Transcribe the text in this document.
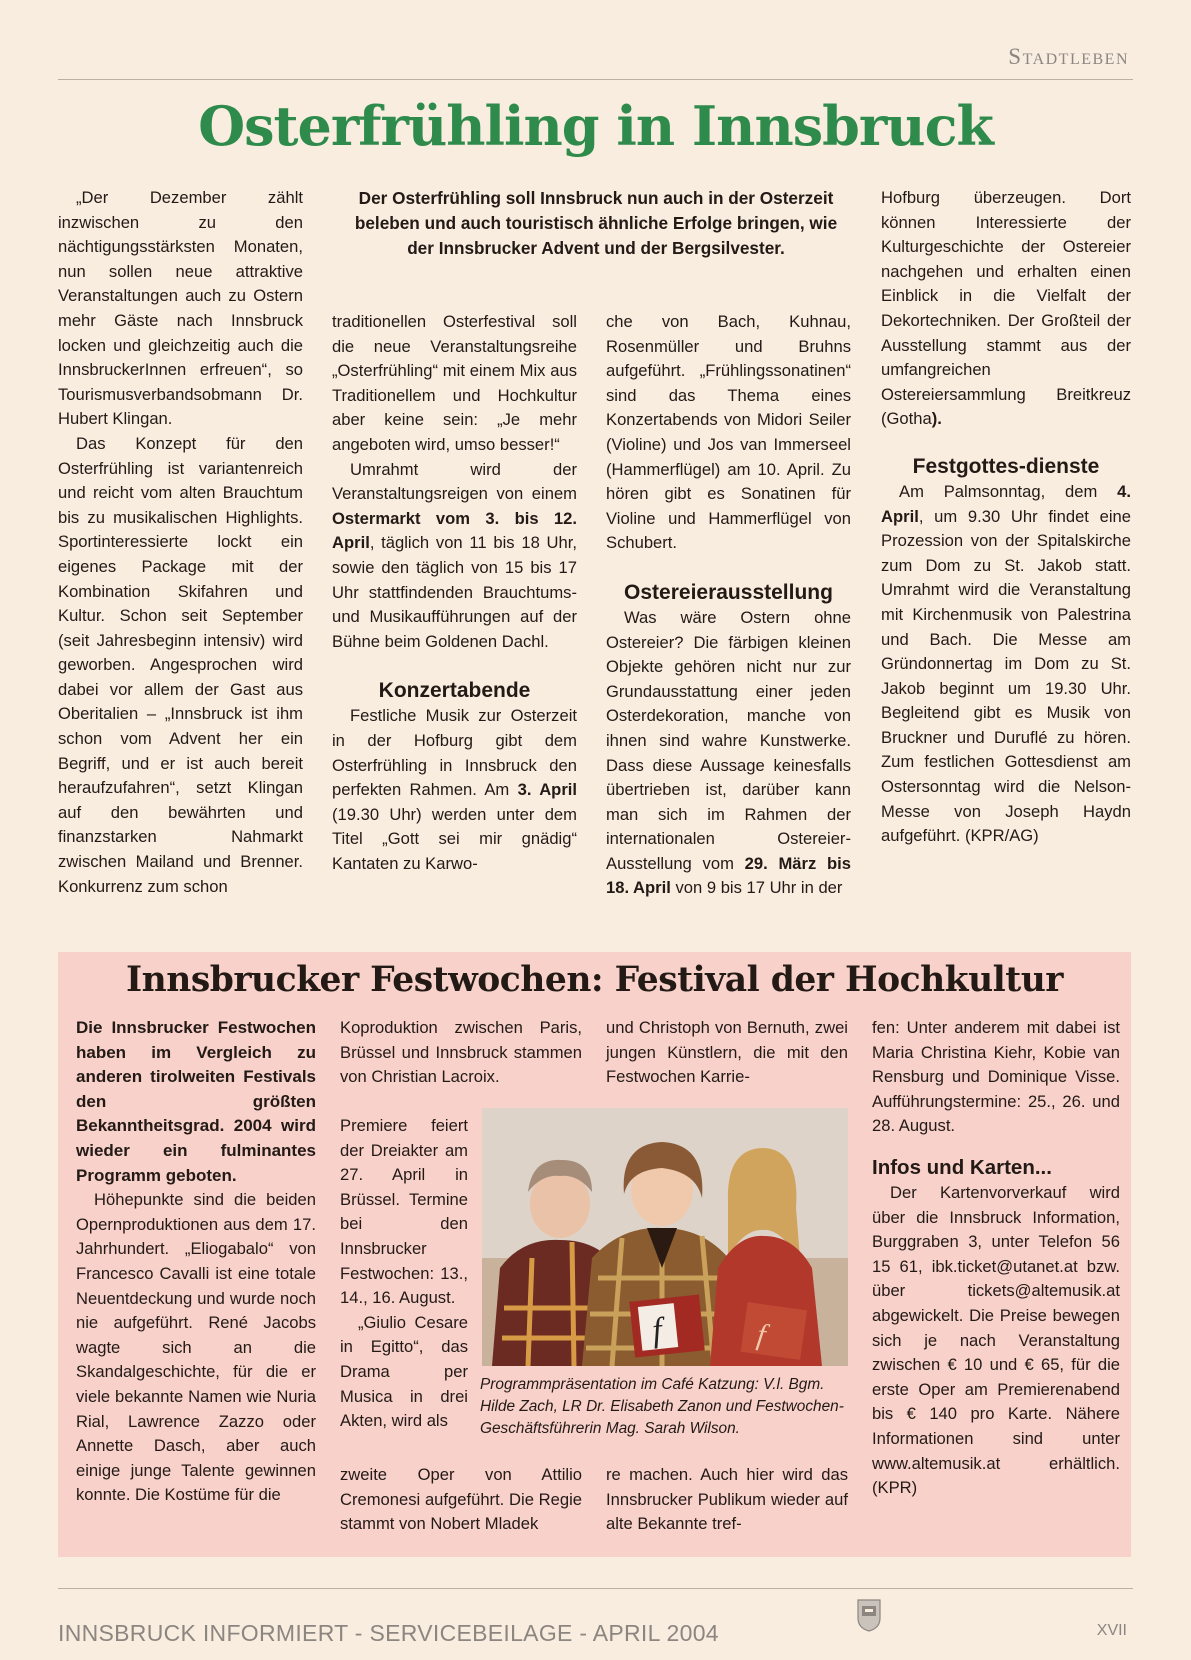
Stadtleben
Osterfrühling in Innsbruck

„Der Dezember zählt inzwischen zu den nächtigungsstärksten Monaten, nun sollen neue attraktive Veranstaltungen auch zu Ostern mehr Gäste nach Innsbruck locken und gleichzeitig auch die InnsbruckerInnen erfreuen“, so Tourismusverbandsobmann Dr. Hubert Klingan.

Das Konzept für den Osterfrühling ist variantenreich und reicht vom alten Brauchtum bis zu musikalischen Highlights. Sportinteressierte lockt ein eigenes Package mit der Kombination Skifahren und Kultur. Schon seit September (seit Jahresbeginn intensiv) wird geworben. Angesprochen wird dabei vor allem der Gast aus Oberitalien – „Innsbruck ist ihm schon vom Advent her ein Begriff, und er ist auch bereit heraufzufahren“, setzt Klingan auf den bewährten und finanzstarken Nahmarkt zwischen Mailand und Brenner. Konkurrenz zum schon

Der Osterfrühling soll Innsbruck nun auch in der Osterzeit beleben und auch touristisch ähnliche Erfolge bringen, wie der Innsbrucker Advent und der Bergsilvester.

traditionellen Osterfestival soll die neue Veranstaltungsreihe „Osterfrühling“ mit einem Mix aus Traditionellem und Hochkultur aber keine sein: „Je mehr angeboten wird, umso besser!“

Umrahmt wird der Veranstaltungsreigen von einem Ostermarkt vom 3. bis 12. April, täglich von 11 bis 18 Uhr, sowie den täglich von 15 bis 17 Uhr stattfindenden Brauchtums- und Musikaufführungen auf der Bühne beim Goldenen Dachl.

Konzertabende

Festliche Musik zur Osterzeit in der Hofburg gibt dem Osterfrühling in Innsbruck den perfekten Rahmen. Am 3. April (19.30 Uhr) werden unter dem Titel „Gott sei mir gnädig“ Kantaten zu Karwo-

che von Bach, Kuhnau, Rosenmüller und Bruhns aufgeführt. „Frühlingssonatinen“ sind das Thema eines Konzertabends von Midori Seiler (Violine) und Jos van Immerseel (Hammerflügel) am 10. April. Zu hören gibt es Sonatinen für Violine und Hammerflügel von Schubert.

Ostereierausstellung

Was wäre Ostern ohne Ostereier? Die färbigen kleinen Objekte gehören nicht nur zur Grundausstattung einer jeden Osterdekoration, manche von ihnen sind wahre Kunstwerke. Dass diese Aussage keinesfalls übertrieben ist, darüber kann man sich im Rahmen der internationalen Ostereier-Ausstellung vom 29. März bis 18. April von 9 bis 17 Uhr in der

Hofburg überzeugen. Dort können Interessierte der Kulturgeschichte der Ostereier nachgehen und erhalten einen Einblick in die Vielfalt der Dekortechniken. Der Großteil der Ausstellung stammt aus der umfangreichen Ostereiersammlung Breitkreuz (Gotha).

Festgottes-dienste

Am Palmsonntag, dem 4. April, um 9.30 Uhr findet eine Prozession von der Spitalskirche zum Dom zu St. Jakob statt. Umrahmt wird die Veranstaltung mit Kirchenmusik von Palestrina und Bach. Die Messe am Gründonnertag im Dom zu St. Jakob beginnt um 19.30 Uhr. Begleitend gibt es Musik von Bruckner und Duruflé zu hören. Zum festlichen Gottesdienst am Ostersonntag wird die Nelson-Messe von Joseph Haydn aufgeführt. (KPR/AG)

Innsbrucker Festwochen: Festival der Hochkultur

Die Innsbrucker Festwochen haben im Vergleich zu anderen tirolweiten Festivals den größten Bekanntheitsgrad. 2004 wird wieder ein fulminantes Programm geboten.

Höhepunkte sind die beiden Opernproduktionen aus dem 17. Jahrhundert. „Eliogabalo“ von Francesco Cavalli ist eine totale Neuentdeckung und wurde noch nie aufgeführt. René Jacobs wagte sich an die Skandalgeschichte, für die er viele bekannte Namen wie Nuria Rial, Lawrence Zazzo oder Annette Dasch, aber auch einige junge Talente gewinnen konnte. Die Kostüme für die

Koproduktion zwischen Paris, Brüssel und Innsbruck stammen von Christian Lacroix.

Premiere feiert der Dreiakter am 27. April in Brüssel. Termine bei den Innsbrucker Festwochen: 13., 14., 16. August.

„Giulio Cesare in Egitto“, das Drama per Musica in drei Akten, wird als

zweite Oper von Attilio Cremonesi aufgeführt. Die Regie stammt von Nobert Mladek

und Christoph von Bernuth, zwei jungen Künstlern, die mit den Festwochen Karrie-

re machen. Auch hier wird das Innsbrucker Publikum wieder auf alte Bekannte tref-

fen: Unter anderem mit dabei ist Maria Christina Kiehr, Kobie van Rensburg und Dominique Visse. Aufführungstermine: 25., 26. und 28. August.

Infos und Karten...

Der Kartenvorverkauf wird über die Innsbruck Information, Burggraben 3, unter Telefon 56 15 61, ibk.ticket@utanet.at bzw. über tickets@altemusik.at abgewickelt. Die Preise bewegen sich je nach Veranstaltung zwischen € 10 und € 65, für die erste Oper am Premierenabend bis € 140 pro Karte. Nähere Informationen sind unter www.altemusik.at erhältlich. (KPR)

f	f
Programmpräsentation im Café Katzung: V.l. Bgm. Hilde Zach, LR Dr. Elisabeth Zanon und Festwochen-Geschäftsführerin Mag. Sarah Wilson.
INNSBRUCK INFORMIERT - SERVICEBEILAGE - APRIL 2004	XVII
